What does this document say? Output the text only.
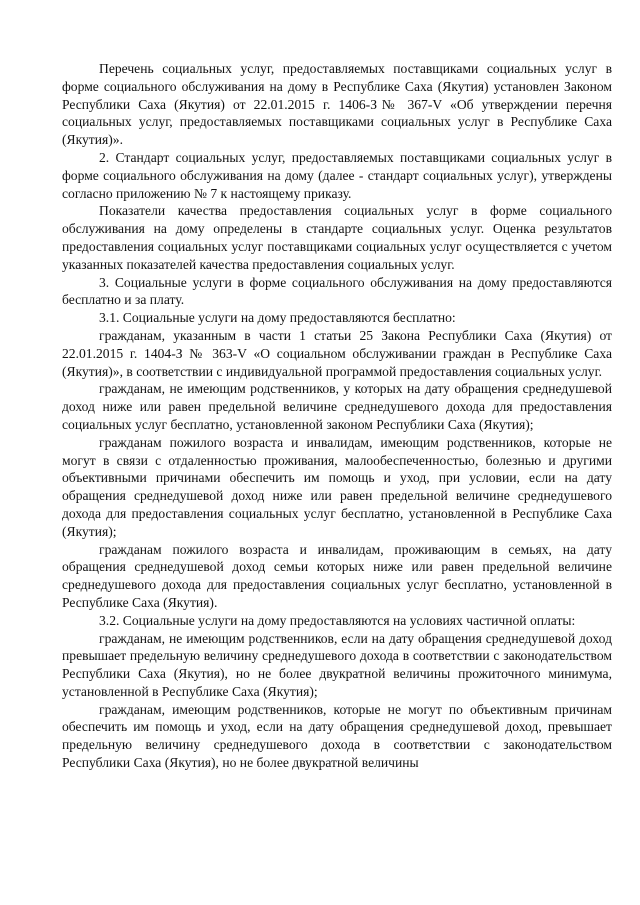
Перечень социальных услуг, предоставляемых поставщиками социальных услуг в форме социального обслуживания на дому в Республике Саха (Якутия) установлен Законом Республики Саха (Якутия) от 22.01.2015 г. 1406-З№ 367-V «Об утверждении перечня социальных услуг, предоставляемых поставщиками социальных услуг в Республике Саха (Якутия)».

2. Стандарт социальных услуг, предоставляемых поставщиками социальных услуг в форме социального обслуживания на дому (далее - стандарт социальных услуг), утверждены согласно приложению № 7 к настоящему приказу.

Показатели качества предоставления социальных услуг в форме социального обслуживания на дому определены в стандарте социальных услуг. Оценка результатов предоставления социальных услуг поставщиками социальных услуг осуществляется с учетом указанных показателей качества предоставления социальных услуг.

3. Социальные услуги в форме социального обслуживания на дому предоставляются бесплатно и за плату.

3.1. Социальные услуги на дому предоставляются бесплатно:

гражданам, указанным в части 1 статьи 25 Закона Республики Саха (Якутия) от 22.01.2015 г. 1404-З № 363-V «О социальном обслуживании граждан в Республике Саха (Якутия)», в соответствии с индивидуальной программой предоставления социальных услуг.

гражданам, не имеющим родственников, у которых на дату обращения среднедушевой доход ниже или равен предельной величине среднедушевого дохода для предоставления социальных услуг бесплатно, установленной законом Республики Саха (Якутия);

гражданам пожилого возраста и инвалидам, имеющим родственников, которые не могут в связи с отдаленностью проживания, малообеспеченностью, болезнью и другими объективными причинами обеспечить им помощь и уход, при условии, если на дату обращения среднедушевой доход ниже или равен предельной величине среднедушевого дохода для предоставления социальных услуг бесплатно, установленной в Республике Саха (Якутия);

гражданам пожилого возраста и инвалидам, проживающим в семьях, на дату обращения среднедушевой доход семьи которых ниже или равен предельной величине среднедушевого дохода для предоставления социальных услуг бесплатно, установленной в Республике Саха (Якутия).

3.2. Социальные услуги на дому предоставляются на условиях частичной оплаты:

гражданам, не имеющим родственников, если на дату обращения среднедушевой доход превышает предельную величину среднедушевого дохода в соответствии с законодательством Республики Саха (Якутия), но не более двукратной величины прожиточного минимума, установленной в Республике Саха (Якутия);

гражданам, имеющим родственников, которые не могут по объективным причинам обеспечить им помощь и уход, если на дату обращения среднедушевой доход, превышает предельную величину среднедушевого дохода в соответствии с законодательством Республики Саха (Якутия), но не более двукратной величины
